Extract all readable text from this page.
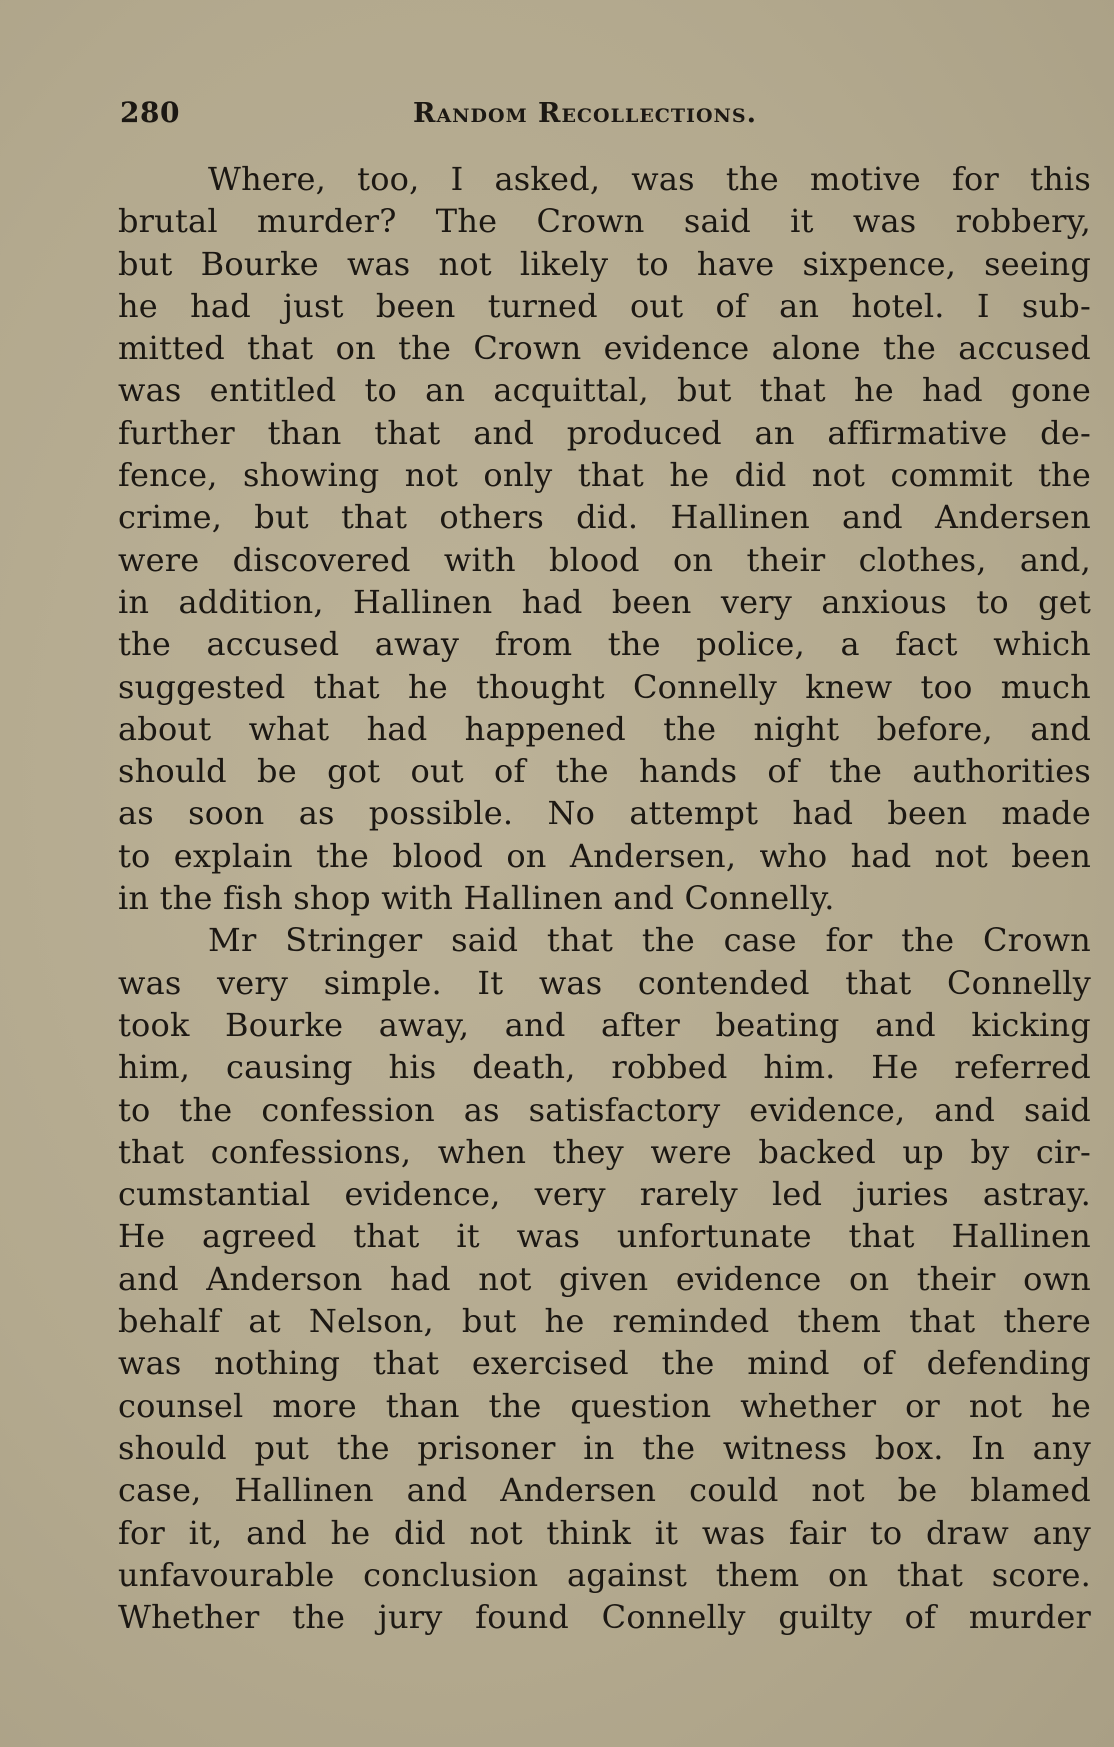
280	Random Recollections.
Where, too, I asked, was the motive for this
brutal murder? The Crown said it was robbery,
but Bourke was not likely to have sixpence, seeing
he had just been turned out of an hotel. I sub-
mitted that on the Crown evidence alone the accused
was entitled to an acquittal, but that he had gone
further than that and produced an affirmative de-
fence, showing not only that he did not commit the
crime, but that others did. Hallinen and Andersen
were discovered with blood on their clothes, and,
in addition, Hallinen had been very anxious to get
the accused away from the police, a fact which
suggested that he thought Connelly knew too much
about what had happened the night before, and
should be got out of the hands of the authorities
as soon as possible. No attempt had been made
to explain the blood on Andersen, who had not been
in the fish shop with Hallinen and Connelly.
Mr Stringer said that the case for the Crown
was very simple. It was contended that Connelly
took Bourke away, and after beating and kicking
him, causing his death, robbed him. He referred
to the confession as satisfactory evidence, and said
that confessions, when they were backed up by cir-
cumstantial evidence, very rarely led juries astray.
He agreed that it was unfortunate that Hallinen
and Anderson had not given evidence on their own
behalf at Nelson, but he reminded them that there
was nothing that exercised the mind of defending
counsel more than the question whether or not he
should put the prisoner in the witness box. In any
case, Hallinen and Andersen could not be blamed
for it, and he did not think it was fair to draw any
unfavourable conclusion against them on that score.
Whether the jury found Connelly guilty of murder
